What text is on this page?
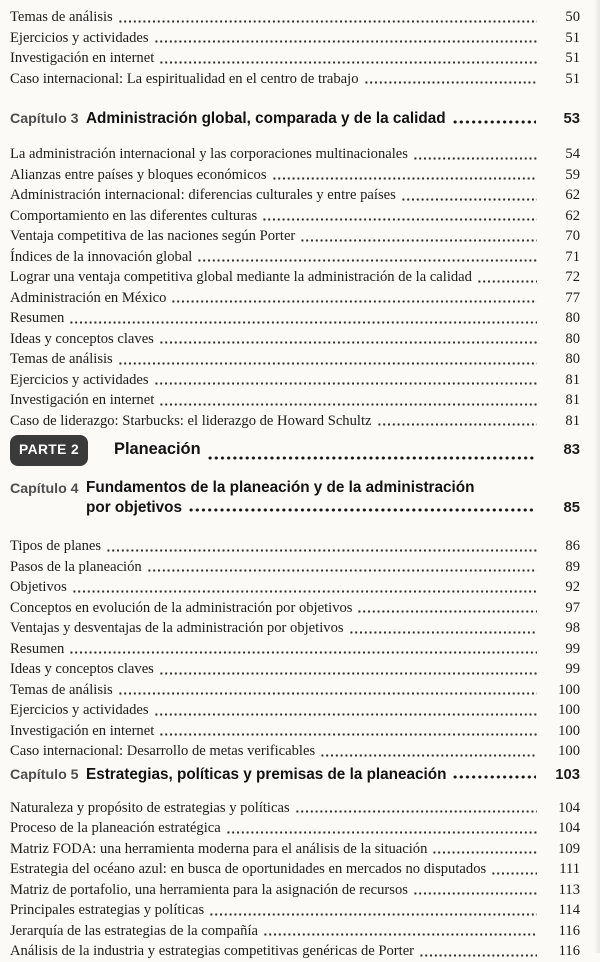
Temas de análisis	50
Ejercicios y actividades	51
Investigación en internet	51
Caso internacional: La espiritualidad en el centro de trabajo	51
Capítulo 3 Administración global, comparada y de la calidad	53
La administración internacional y las corporaciones multinacionales	54
Alianzas entre países y bloques económicos	59
Administración internacional: diferencias culturales y entre países	62
Comportamiento en las diferentes culturas	62
Ventaja competitiva de las naciones según Porter	70
Índices de la innovación global	71
Lograr una ventaja competitiva global mediante la administración de la calidad	72
Administración en México	77
Resumen	80
Ideas y conceptos claves	80
Temas de análisis	80
Ejercicios y actividades	81
Investigación en internet	81
Caso de liderazgo: Starbucks: el liderazgo de Howard Schultz	81
PARTE 2	Planeación	83
Capítulo 4 Fundamentos de la planeación y de la administración
por objetivos	85
Tipos de planes	86
Pasos de la planeación	89
Objetivos	92
Conceptos en evolución de la administración por objetivos	97
Ventajas y desventajas de la administración por objetivos	98
Resumen	99
Ideas y conceptos claves	99
Temas de análisis	100
Ejercicios y actividades	100
Investigación en internet	100
Caso internacional: Desarrollo de metas verificables	100
Capítulo 5 Estrategias, políticas y premisas de la planeación	103
Naturaleza y propósito de estrategias y políticas	104
Proceso de la planeación estratégica	104
Matriz FODA: una herramienta moderna para el análisis de la situación	109
Estrategia del océano azul: en busca de oportunidades en mercados no disputados	111
Matriz de portafolio, una herramienta para la asignación de recursos	113
Principales estrategias y políticas	114
Jerarquía de las estrategias de la compañía	116
Análisis de la industria y estrategias competitivas genéricas de Porter	116
